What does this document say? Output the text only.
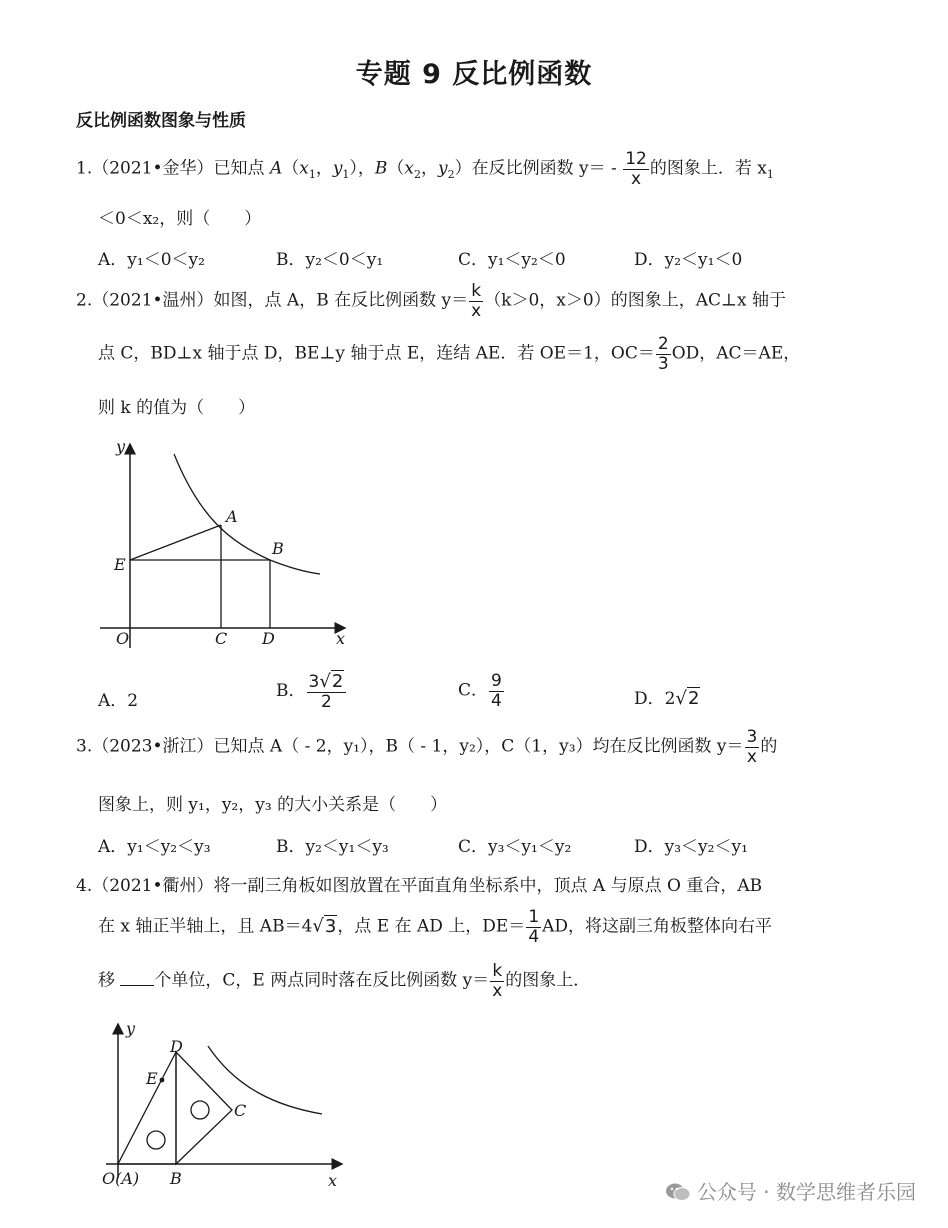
专题 9 反比例函数
反比例函数图象与性质
1.（2021•金华）已知点 $A(x_1$，$y_1$），$B(x_2$，$y_2$）在反比例函数 $y= - \frac{12}{x}$ 的图象上．若 $x_1$
＜0＜x₂，则（　　）
A．y₁＜0＜y₂	B．y₂＜0＜y₁	C．y₁＜y₂＜0	D．y₂＜y₁＜0
2.（2021•温州）如图，点 A，B 在反比例函数 $y= \frac{k}{x} (k>0$，x＞0）的图象上，AC⊥x 轴于
点 C，BD⊥x 轴于点 D，BE⊥y 轴于点 E，连结 AE．若 OE＝1，$OC= \frac{2}{3}$ OD，AC＝AE，
则 k 的值为（　　）
y
x
A
B
E
O	C D
A．2	B． $\frac{3√2}{2}$	C． $\frac{9}{4}$	D．2√2
3.（2023•浙江）已知点 A（ - 2，y₁），B（ - 1，y₂），C（1，y₃）均在反比例函数 $y= \frac{3}{x}$ 的
图象上，则 y₁，y₂，y₃ 的大小关系是（　　）
A．y₁＜y₂＜y₃	B．y₂＜y₁＜y₃	C．y₃＜y₁＜y₂	D．y₃＜y₂＜y₁
4.（2021•衢州）将一副三角板如图放置在平面直角坐标系中，顶点 A 与原点 O 重合，AB
在 x 轴正半轴上，且 AB＝4√3，点 E 在 AD 上，$DE= \frac{1}{4}$ AD，将这副三角板整体向右平
移 个单位，C，E 两点同时落在反比例函数 $y= \frac{k}{x}$ 的图象上．
y
x
D
E
C
O(A) B
公众号 · 数学思维者乐园
